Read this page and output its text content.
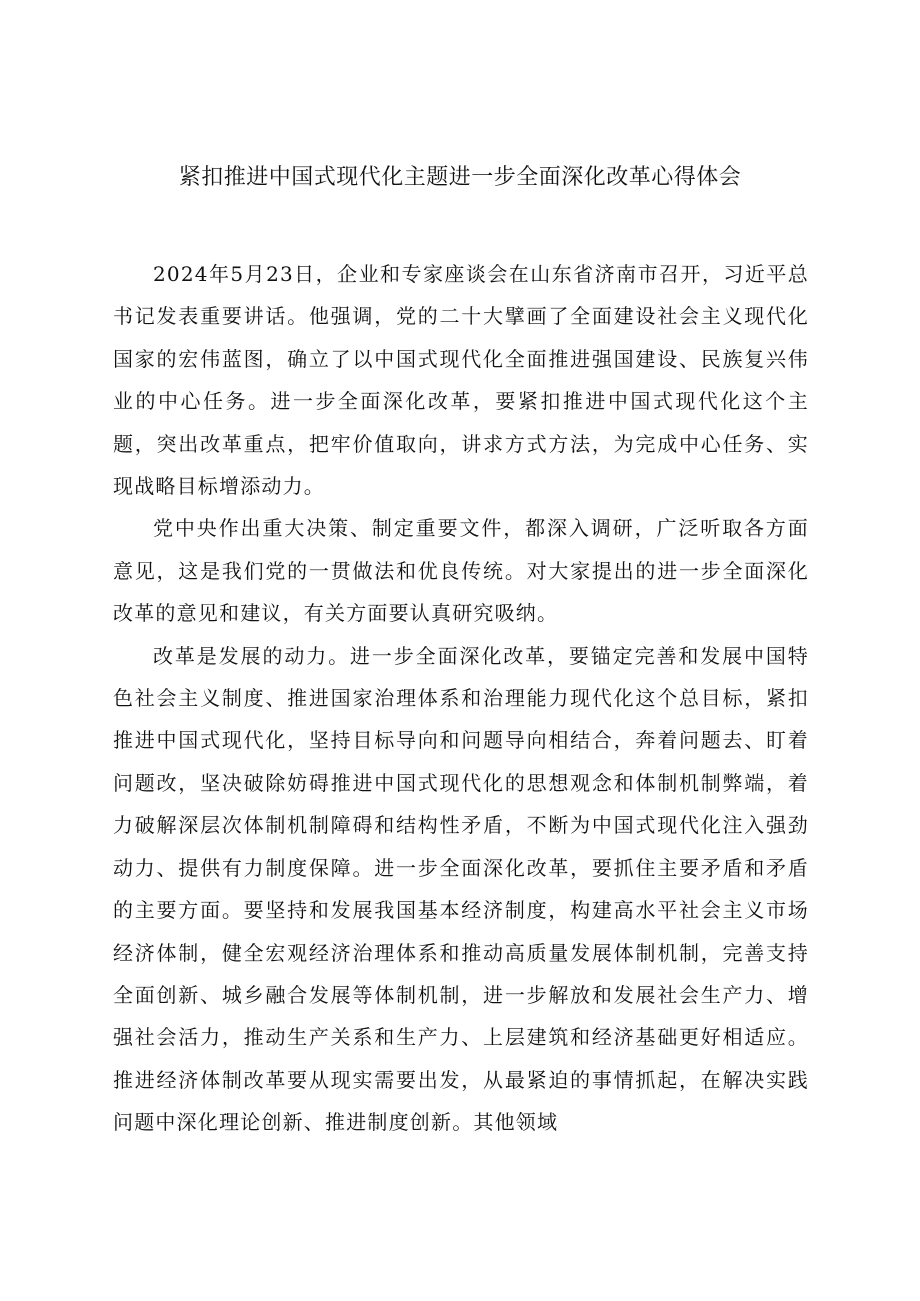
紧扣推进中国式现代化主题进一步全面深化改革心得体会

2024年5月23日，企业和专家座谈会在山东省济南市召开，习近平总书记发表重要讲话。他强调，党的二十大擘画了全面建设社会主义现代化国家的宏伟蓝图，确立了以中国式现代化全面推进强国建设、民族复兴伟业的中心任务。进一步全面深化改革，要紧扣推进中国式现代化这个主题，突出改革重点，把牢价值取向，讲求方式方法，为完成中心任务、实现战略目标增添动力。

党中央作出重大决策、制定重要文件，都深入调研，广泛听取各方面意见，这是我们党的一贯做法和优良传统。对大家提出的进一步全面深化改革的意见和建议，有关方面要认真研究吸纳。

改革是发展的动力。进一步全面深化改革，要锚定完善和发展中国特色社会主义制度、推进国家治理体系和治理能力现代化这个总目标，紧扣推进中国式现代化，坚持目标导向和问题导向相结合，奔着问题去、盯着问题改，坚决破除妨碍推进中国式现代化的思想观念和体制机制弊端，着力破解深层次体制机制障碍和结构性矛盾，不断为中国式现代化注入强劲动力、提供有力制度保障。进一步全面深化改革，要抓住主要矛盾和矛盾的主要方面。要坚持和发展我国基本经济制度，构建高水平社会主义市场经济体制，健全宏观经济治理体系和推动高质量发展体制机制，完善支持全面创新、城乡融合发展等体制机制，进一步解放和发展社会生产力、增强社会活力，推动生产关系和生产力、上层建筑和经济基础更好相适应。推进经济体制改革要从现实需要出发，从最紧迫的事情抓起，在解决实践问题中深化理论创新、推进制度创新。其他领域
